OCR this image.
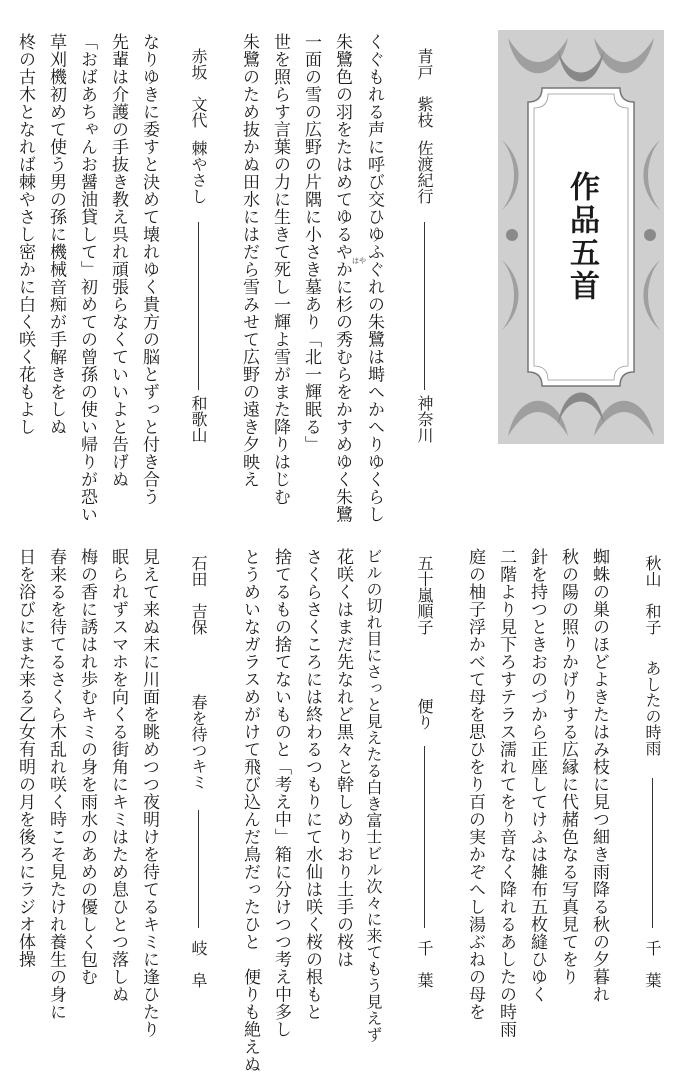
作品五首
青戸　紫枝
佐渡紀行
神奈川
くぐもれる声に呼び交ひゆふぐれの朱鷺は塒へかへりゆくらし
朱鷺色の羽をたはめてゆるやかに杉の秀むらをかすめゆく朱鷺 はや
一面の雪の広野の片隅に小さき墓あり「北一輝眠る」
世を照らす言葉の力に生きて死し一輝よ雪がまた降りはじむ
朱鷺のため抜かぬ田水にはだら雪みせて広野の遠き夕映え
赤坂　文代
棘やさし
和歌山
なりゆきに委すと決めて壊れゆく貴方の脳とずっと付き合う
先輩は介護の手抜き教え呉れ頑張らなくていいよと告げぬ
「おばあちゃんお醤油貸して」初めての曾孫の使い帰りが恐い
草刈機初めて使う男の孫に機械音痴が手解きをしぬ
柊の古木となれば棘やさし密かに白く咲く花もよし
秋山　和子
あしたの時雨
千　葉
蜘蛛の巣のほどよきたはみ枝に見つ細き雨降る秋の夕暮れ
秋の陽の照りかげりする広縁に代赭色なる写真見てをり
針を持つときおのづから正座してけふは雑布五枚縫ひゆく
二階より見下ろすテラス濡れてをり音なく降れるあしたの時雨
庭の柚子浮かべて母を思ひをり百の実かぞへし湯ぶねの母を
五十嵐順子
便り
千　葉
ビルの切れ目にさっと見えたる白き富士ビル次々に来てもう見えず
花咲くはまだ先なれど黒々と幹しめりおり土手の桜は
さくらさくころには終わるつもりにて水仙は咲く桜の根もと
捨てるもの捨てないものと「考え中」箱に分けつつ考え中多し
とうめいなガラスめがけて飛び込んだ鳥だったひと　便りも絶えぬ
石田　吉保
春を待つキミ
岐　阜
見えて来ぬ末に川面を眺めつつ夜明けを待てるキミに逢ひたり
眠られずスマホを向くる街角にキミはため息ひとつ落しぬ
梅の香に誘はれ歩むキミの身を雨水のあめの優しく包む
春来るを待てるさくら木乱れ咲く時こそ見たけれ養生の身に
日を浴びにまた来る乙女有明の月を後ろにラジオ体操
